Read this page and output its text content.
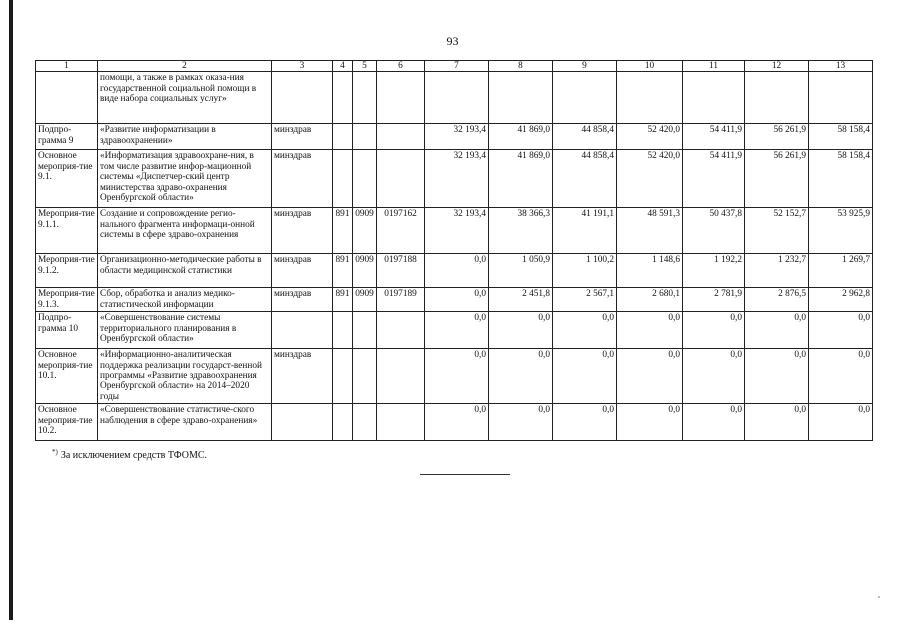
93
1	2	3	4	5	6	7	8	9	10	11	12	13
	помощи, а также в рамках оказа-ния государственной социальной помощи в виде набора социальных услуг»											
Подпро-грамма 9	«Развитие информатизации в здравоохранении»	минздрав				32 193,4	41 869,0	44 858,4	52 420,0	54 411,9	56 261,9	58 158,4
Основное мероприя-тие 9.1.	«Информатизация здравоохране-ния, в том числе развитие инфор-мационной системы «Диспетчер-ский центр министерства здраво-охранения Оренбургской области»	минздрав				32 193,4	41 869,0	44 858,4	52 420,0	54 411,9	56 261,9	58 158,4
Мероприя-тие 9.1.1.	Создание и сопровождение регио-нального фрагмента информаци-онной системы в сфере здраво-охранения	минздрав	891	0909	0197162	32 193,4	38 366,3	41 191,1	48 591,3	50 437,8	52 152,7	53 925,9
Мероприя-тие 9.1.2.	Организационно-методические работы в области медицинской статистики	минздрав	891	0909	0197188	0,0	1 050,9	1 100,2	1 148,6	1 192,2	1 232,7	1 269,7
Мероприя-тие 9.1.3.	Сбор, обработка и анализ медико-статистической информации	минздрав	891	0909	0197189	0,0	2 451,8	2 567,1	2 680,1	2 781,9	2 876,5	2 962,8
Подпро-грамма 10	«Совершенствование системы территориального планирования в Оренбургской области»					0,0	0,0	0,0	0,0	0,0	0,0	0,0
Основное мероприя-тие 10.1.	«Информационно-аналитическая поддержка реализации государст-венной программы «Развитие здравоохранения Оренбургской области» на 2014–2020 годы	минздрав				0,0	0,0	0,0	0,0	0,0	0,0	0,0
Основное мероприя-тие 10.2.	«Совершенствование статистиче-ского наблюдения в сфере здраво-охранения»					0,0	0,0	0,0	0,0	0,0	0,0	0,0
*) За исключением средств ТФОМС.
